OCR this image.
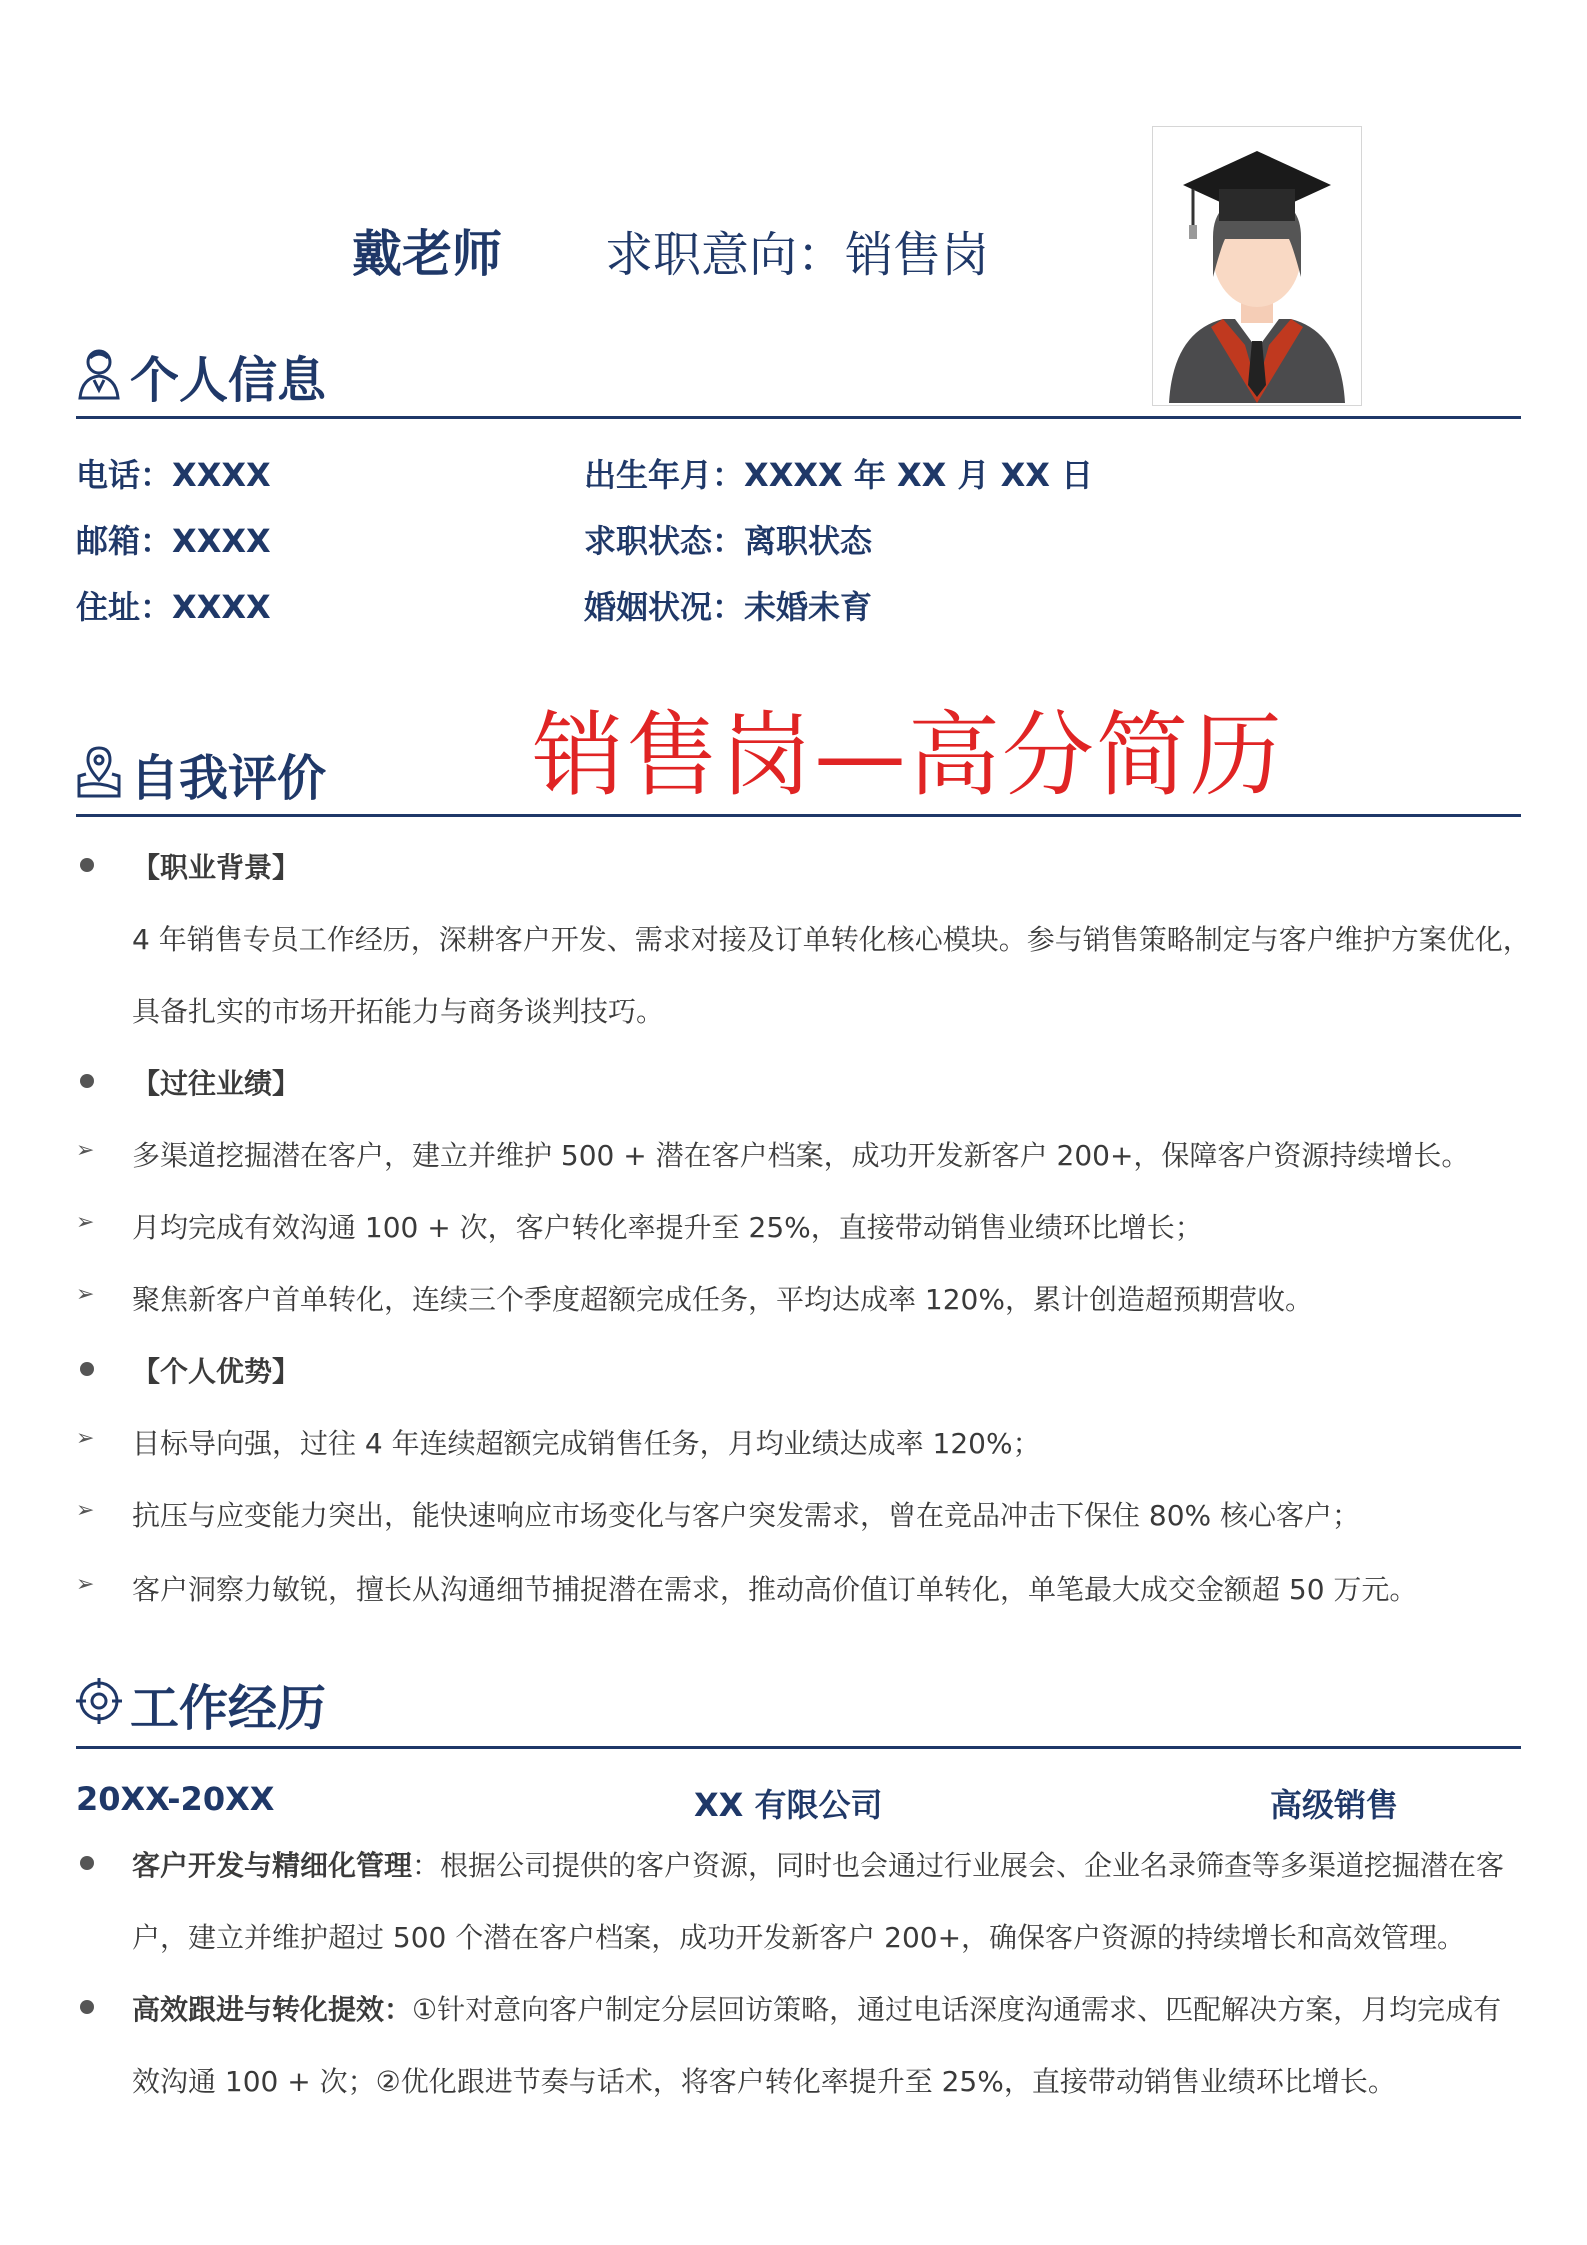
戴老师 求职意向：销售岗
个人信息
电话：XXXX
邮箱：XXXX
住址：XXXX
出生年月：XXXX 年 XX 月 XX 日
求职状态：离职状态
婚姻状况：未婚未育
销售岗—高分简历
自我评价
【职业背景】
4 年销售专员工作经历，深耕客户开发、需求对接及订单转化核心模块。参与销售策略制定与客户维护方案优化，
具备扎实的市场开拓能力与商务谈判技巧。
【过往业绩】
➢ 多渠道挖掘潜在客户，建立并维护 500 + 潜在客户档案，成功开发新客户 200+，保障客户资源持续增长。
➢ 月均完成有效沟通 100 + 次，客户转化率提升至 25%，直接带动销售业绩环比增长；
➢ 聚焦新客户首单转化，连续三个季度超额完成任务，平均达成率 120%，累计创造超预期营收。
【个人优势】
➢ 目标导向强，过往 4 年连续超额完成销售任务，月均业绩达成率 120%；
➢ 抗压与应变能力突出，能快速响应市场变化与客户突发需求，曾在竞品冲击下保住 80% 核心客户；
➢ 客户洞察力敏锐，擅长从沟通细节捕捉潜在需求，推动高价值订单转化，单笔最大成交金额超 50 万元。
工作经历
20XX-20XX	XX 有限公司	高级销售
客户开发与精细化管理：根据公司提供的客户资源，同时也会通过行业展会、企业名录筛查等多渠道挖掘潜在客
户，建立并维护超过 500 个潜在客户档案，成功开发新客户 200+，确保客户资源的持续增长和高效管理。
高效跟进与转化提效：①针对意向客户制定分层回访策略，通过电话深度沟通需求、匹配解决方案，月均完成有
效沟通 100 + 次；②优化跟进节奏与话术，将客户转化率提升至 25%，直接带动销售业绩环比增长。
